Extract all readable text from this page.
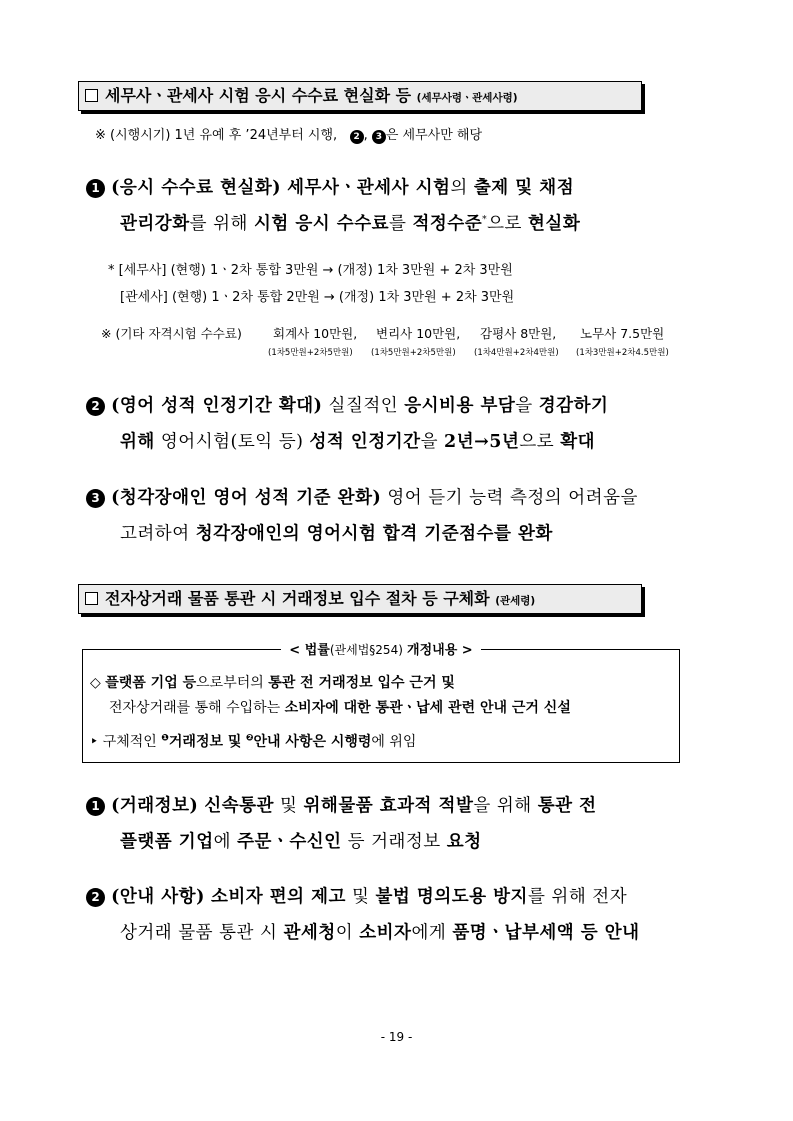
세무사ㆍ관세사 시험 응시 수수료 현실화 등 (세무사령ㆍ관세사령)
※ (시행시기) 1년 유예 후 ’24년부터 시행, 2 , 3 은 세무사만 해당
1 (응시 수수료 현실화) 세무사ㆍ관세사 시험의 출제 및 채점
관리강화를 위해 시험 응시 수수료를 적정수준*으로 현실화
* [세무사] (현행) 1ㆍ2차 통합 3만원 → (개정) 1차 3만원 + 2차 3만원
[관세사] (현행) 1ㆍ2차 통합 2만원 → (개정) 1차 3만원 + 2차 3만원
※ (기타 자격시험 수수료) 회계사 10만원, 변리사 10만원, 감평사 8만원, 노무사 7.5만원
(1차5만원+2차5만원) (1차5만원+2차5만원) (1차4만원+2차4만원) (1차3만원+2차4.5만원)
2 (영어 성적 인정기간 확대) 실질적인 응시비용 부담을 경감하기
위해 영어시험(토익 등) 성적 인정기간을 2년→5년으로 확대
3 (청각장애인 영어 성적 기준 완화) 영어 듣기 능력 측정의 어려움을
고려하여 청각장애인의 영어시험 합격 기준점수를 완화
전자상거래 물품 통관 시 거래정보 입수 절차 등 구체화 (관세령)
< 법률(관세법§254) 개정내용 >
◇ 플랫폼 기업 등으로부터의 통관 전 거래정보 입수 근거 및
전자상거래를 통해 수입하는 소비자에 대한 통관ㆍ납세 관련 안내 근거 신설
‣ 구체적인 $^❶$거래정보 및 $^❷$안내 사항은 시행령에 위임
1 (거래정보) 신속통관 및 위해물품 효과적 적발을 위해 통관 전
플랫폼 기업에 주문ㆍ수신인 등 거래정보 요청
2 (안내 사항) 소비자 편의 제고 및 불법 명의도용 방지를 위해 전자
상거래 물품 통관 시 관세청이 소비자에게 품명ㆍ납부세액 등 안내
- 19 -
